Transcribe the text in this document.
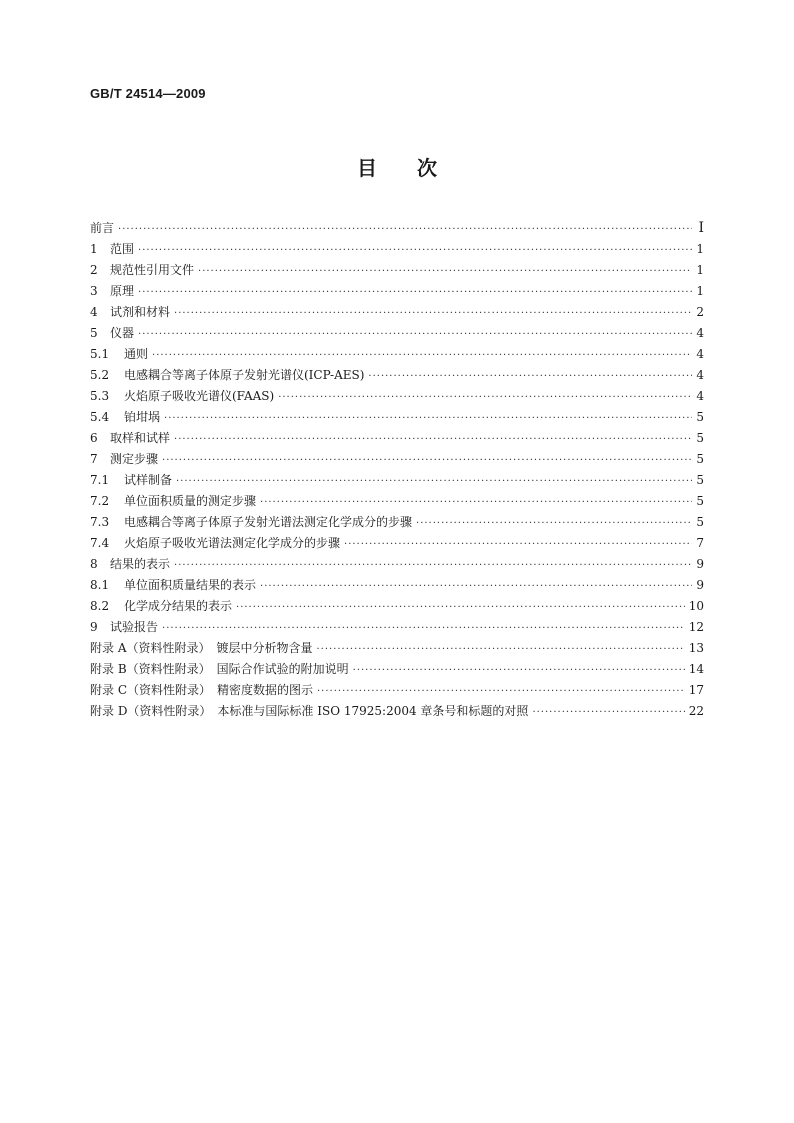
GB/T 24514—2009
目次
前言 ·····	Ⅰ
1	范围 ·····	1
2	规范性引用文件 ·····	1
3	原理 ·····	1
4	试剂和材料 ·····	2
5	仪器 ·····	4
5.1	通则 ·····	4
5.2	电感耦合等离子体原子发射光谱仪(ICP-AES) ·····	4
5.3	火焰原子吸收光谱仪(FAAS) ·····	4
5.4	铂坩埚 ·····	5
6	取样和试样 ·····	5
7	测定步骤 ·····	5
7.1	试样制备 ·····	5
7.2	单位面积质量的测定步骤 ·····	5
7.3	电感耦合等离子体原子发射光谱法测定化学成分的步骤 ·····	5
7.4	火焰原子吸收光谱法测定化学成分的步骤 ·····	7
8	结果的表示 ·····	9
8.1	单位面积质量结果的表示 ·····	9
8.2	化学成分结果的表示 ·····	10
9	试验报告 ·····	12
附录 A（资料性附录）　镀层中分析物含量 ·····	13
附录 B（资料性附录）　国际合作试验的附加说明 ·····	14
附录 C（资料性附录）　精密度数据的图示 ·····	17
附录 D（资料性附录）　本标准与国际标准 ISO 17925:2004 章条号和标题的对照 ·····	22
